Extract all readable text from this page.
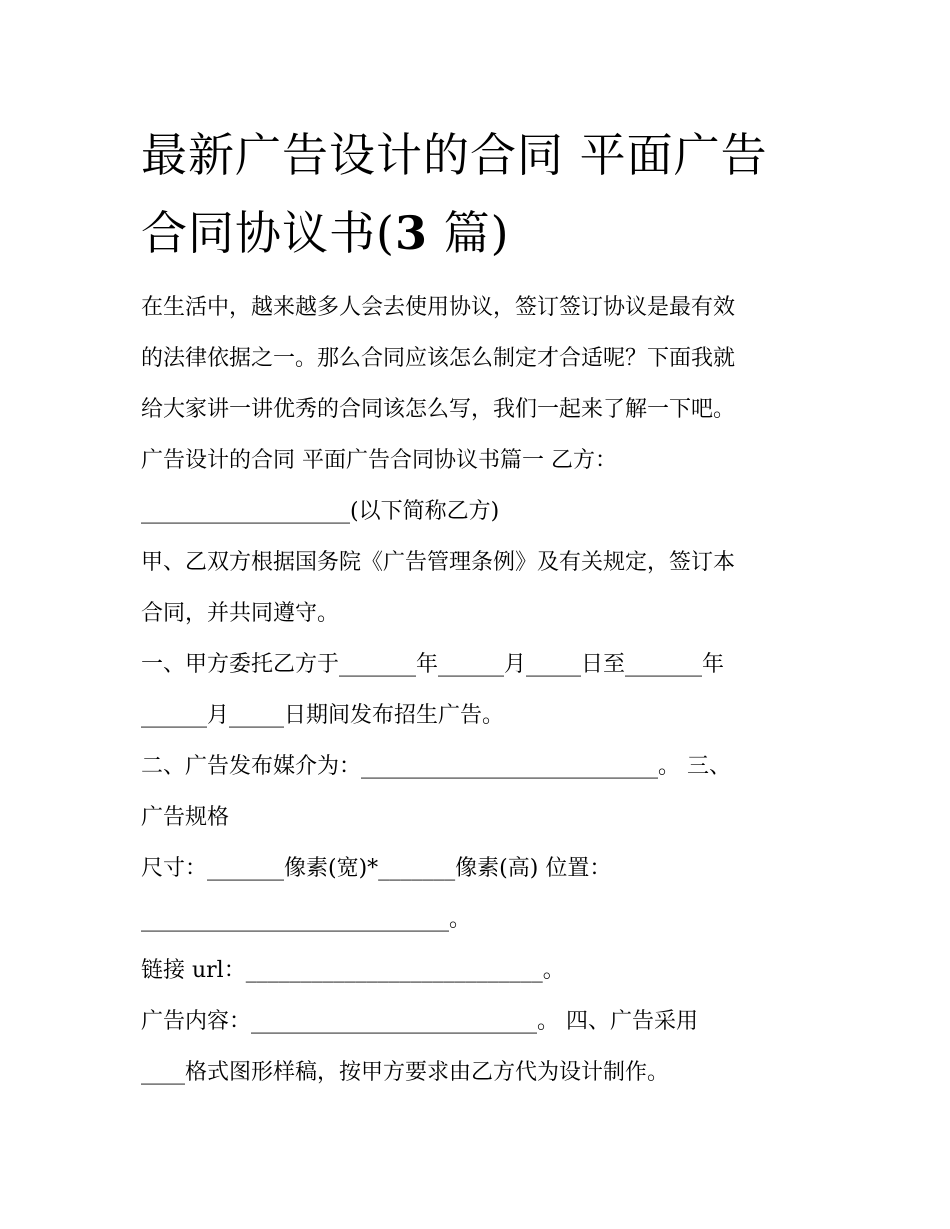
最新广告设计的合同 平面广告
合同协议书(3 篇)
在生活中，越来越多人会去使用协议，签订签订协议是最有效
的法律依据之一。那么合同应该怎么制定才合适呢？下面我就
给大家讲一讲优秀的合同该怎么写，我们一起来了解一下吧。
广告设计的合同 平面广告合同协议书篇一 乙方：
___________________(以下简称乙方)
甲、乙双方根据国务院《广告管理条例》及有关规定，签订本
合同，并共同遵守。
一、甲方委托乙方于_______年______月_____日至_______年
______月_____日期间发布招生广告。
二、广告发布媒介为：___________________________。 三、
广告规格
尺寸：_______像素(宽)*_______像素(高) 位置：
____________________________。
链接 url：___________________________。
广告内容：__________________________。 四、广告采用
____格式图形样稿，按甲方要求由乙方代为设计制作。
